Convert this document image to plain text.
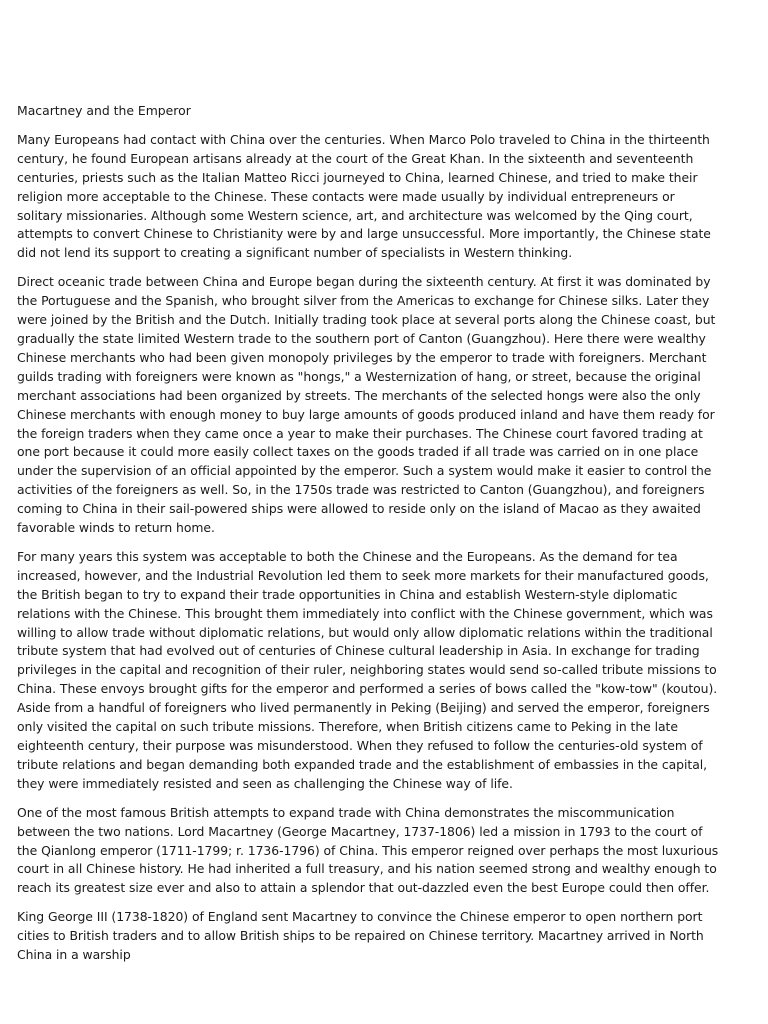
Macartney and the Emperor

Many Europeans had contact with China over the centuries. When Marco Polo traveled to China in the thirteenth century, he found European artisans already at the court of the Great Khan. In the sixteenth and seventeenth centuries, priests such as the Italian Matteo Ricci journeyed to China, learned Chinese, and tried to make their religion more acceptable to the Chinese. These contacts were made usually by individual entrepreneurs or solitary missionaries. Although some Western science, art, and architecture was welcomed by the Qing court, attempts to convert Chinese to Christianity were by and large unsuccessful. More importantly, the Chinese state did not lend its support to creating a significant number of specialists in Western thinking.

Direct oceanic trade between China and Europe began during the sixteenth century. At first it was dominated by the Portuguese and the Spanish, who brought silver from the Americas to exchange for Chinese silks. Later they were joined by the British and the Dutch. Initially trading took place at several ports along the Chinese coast, but gradually the state limited Western trade to the southern port of Canton (Guangzhou). Here there were wealthy Chinese merchants who had been given monopoly privileges by the emperor to trade with foreigners. Merchant guilds trading with foreigners were known as "hongs," a Westernization of hang, or street, because the original merchant associations had been organized by streets. The merchants of the selected hongs were also the only Chinese merchants with enough money to buy large amounts of goods produced inland and have them ready for the foreign traders when they came once a year to make their purchases. The Chinese court favored trading at one port because it could more easily collect taxes on the goods traded if all trade was carried on in one place under the supervision of an official appointed by the emperor. Such a system would make it easier to control the activities of the foreigners as well. So, in the 1750s trade was restricted to Canton (Guangzhou), and foreigners coming to China in their sail-powered ships were allowed to reside only on the island of Macao as they awaited favorable winds to return home.

For many years this system was acceptable to both the Chinese and the Europeans. As the demand for tea increased, however, and the Industrial Revolution led them to seek more markets for their manufactured goods, the British began to try to expand their trade opportunities in China and establish Western-style diplomatic relations with the Chinese. This brought them immediately into conflict with the Chinese government, which was willing to allow trade without diplomatic relations, but would only allow diplomatic relations within the traditional tribute system that had evolved out of centuries of Chinese cultural leadership in Asia. In exchange for trading privileges in the capital and recognition of their ruler, neighboring states would send so-called tribute missions to China. These envoys brought gifts for the emperor and performed a series of bows called the "kow-tow" (koutou). Aside from a handful of foreigners who lived permanently in Peking (Beijing) and served the emperor, foreigners only visited the capital on such tribute missions. Therefore, when British citizens came to Peking in the late eighteenth century, their purpose was misunderstood. When they refused to follow the centuries-old system of tribute relations and began demanding both expanded trade and the establishment of embassies in the capital, they were immediately resisted and seen as challenging the Chinese way of life.

One of the most famous British attempts to expand trade with China demonstrates the miscommunication between the two nations. Lord Macartney (George Macartney, 1737-1806) led a mission in 1793 to the court of the Qianlong emperor (1711-1799; r. 1736-1796) of China. This emperor reigned over perhaps the most luxurious court in all Chinese history. He had inherited a full treasury, and his nation seemed strong and wealthy enough to reach its greatest size ever and also to attain a splendor that out-dazzled even the best Europe could then offer.

King George III (1738-1820) of England sent Macartney to convince the Chinese emperor to open northern port cities to British traders and to allow British ships to be repaired on Chinese territory. Macartney arrived in North China in a warship
